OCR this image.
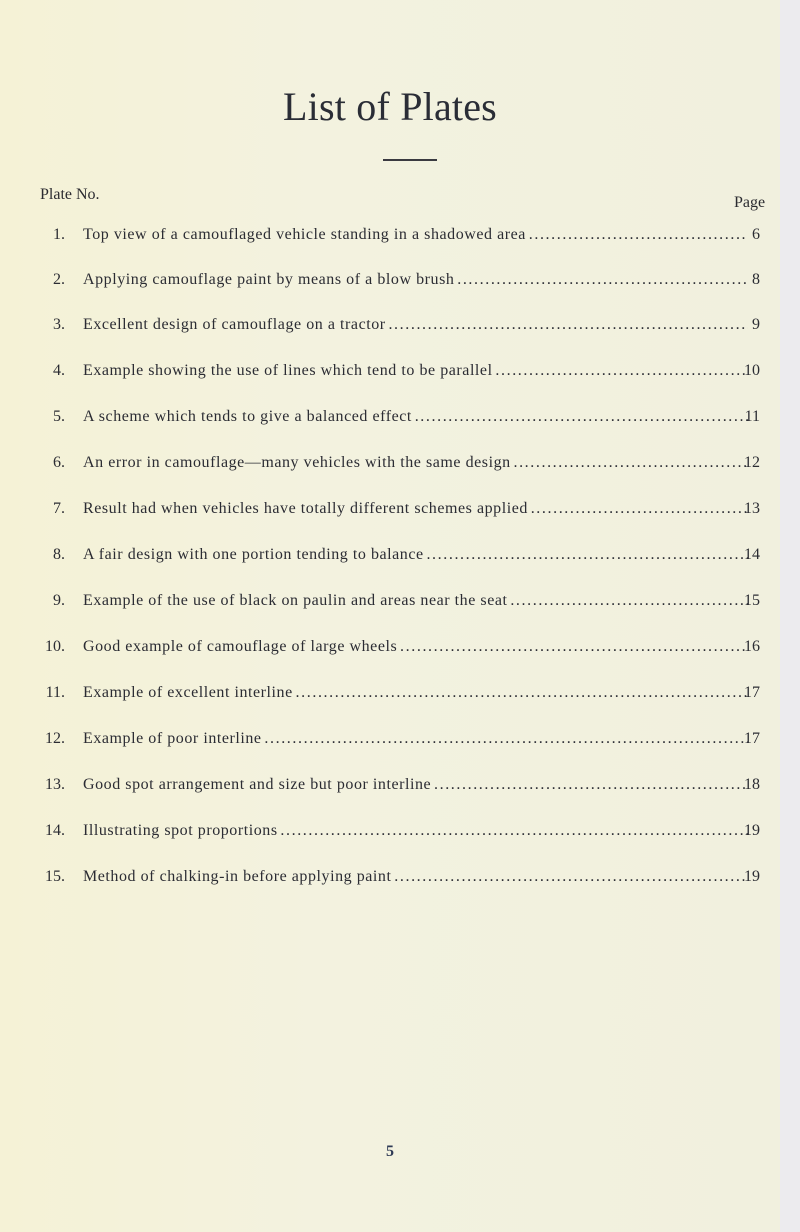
List of Plates
Plate No.	Page
1. Top view of a camouflaged vehicle standing in a shadowed area . . .	6
2. Applying camouflage paint by means of a blow brush . . .	8
3. Excellent design of camouflage on a tractor . . .	9
4. Example showing the use of lines which tend to be parallel . . .	10
5. A scheme which tends to give a balanced effect . . .	11
6. An error in camouflage—many vehicles with the same design . . .	12
7. Result had when vehicles have totally different schemes applied . . .	13
8. A fair design with one portion tending to balance . . .	14
9. Example of the use of black on paulin and areas near the seat . . .	15
10. Good example of camouflage of large wheels . . .	16
11. Example of excellent interline . . .	17
12. Example of poor interline . . .	17
13. Good spot arrangement and size but poor interline . . .	18
14. Illustrating spot proportions . . .	19
15. Method of chalking-in before applying paint . . .	19
5
